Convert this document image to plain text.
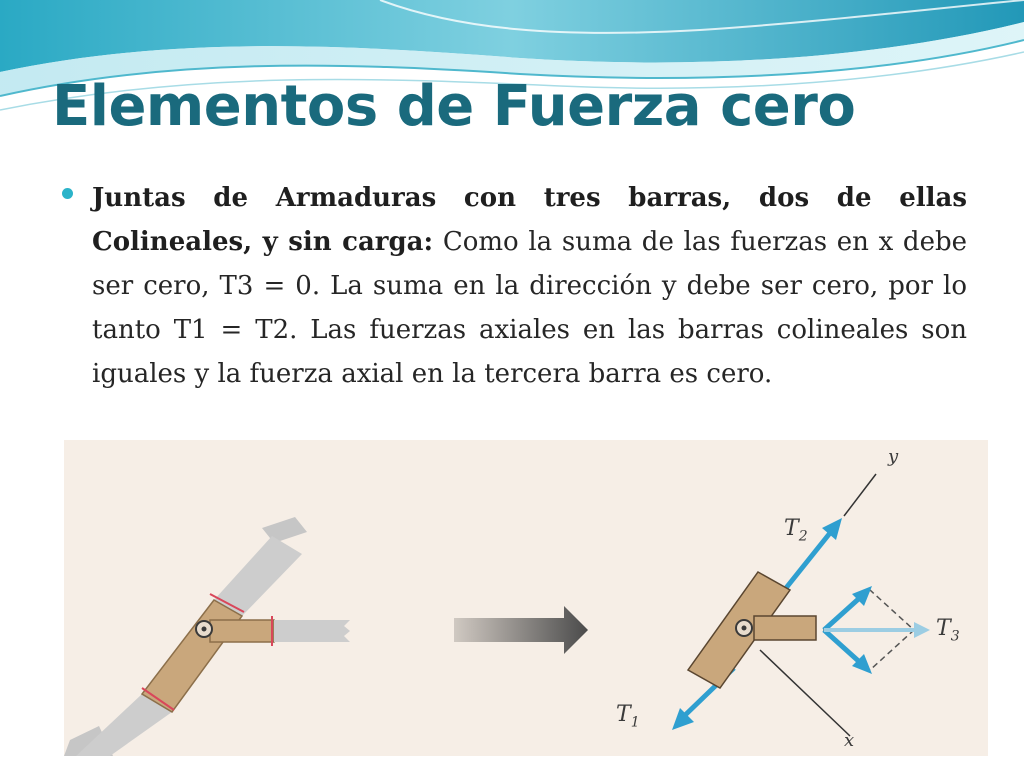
Elementos de Fuerza cero

Juntas de Armaduras con tres barras, dos de ellas Colineales, y sin carga: Como la suma de las fuerzas en x debe ser cero, T3 = 0. La suma en la dirección y debe ser cero, por lo tanto T1 = T2. Las fuerzas axiales en las barras colineales son iguales y la fuerza axial en la tercera barra es cero.

y
x
$T_2$
$T_1$
$T_3$
